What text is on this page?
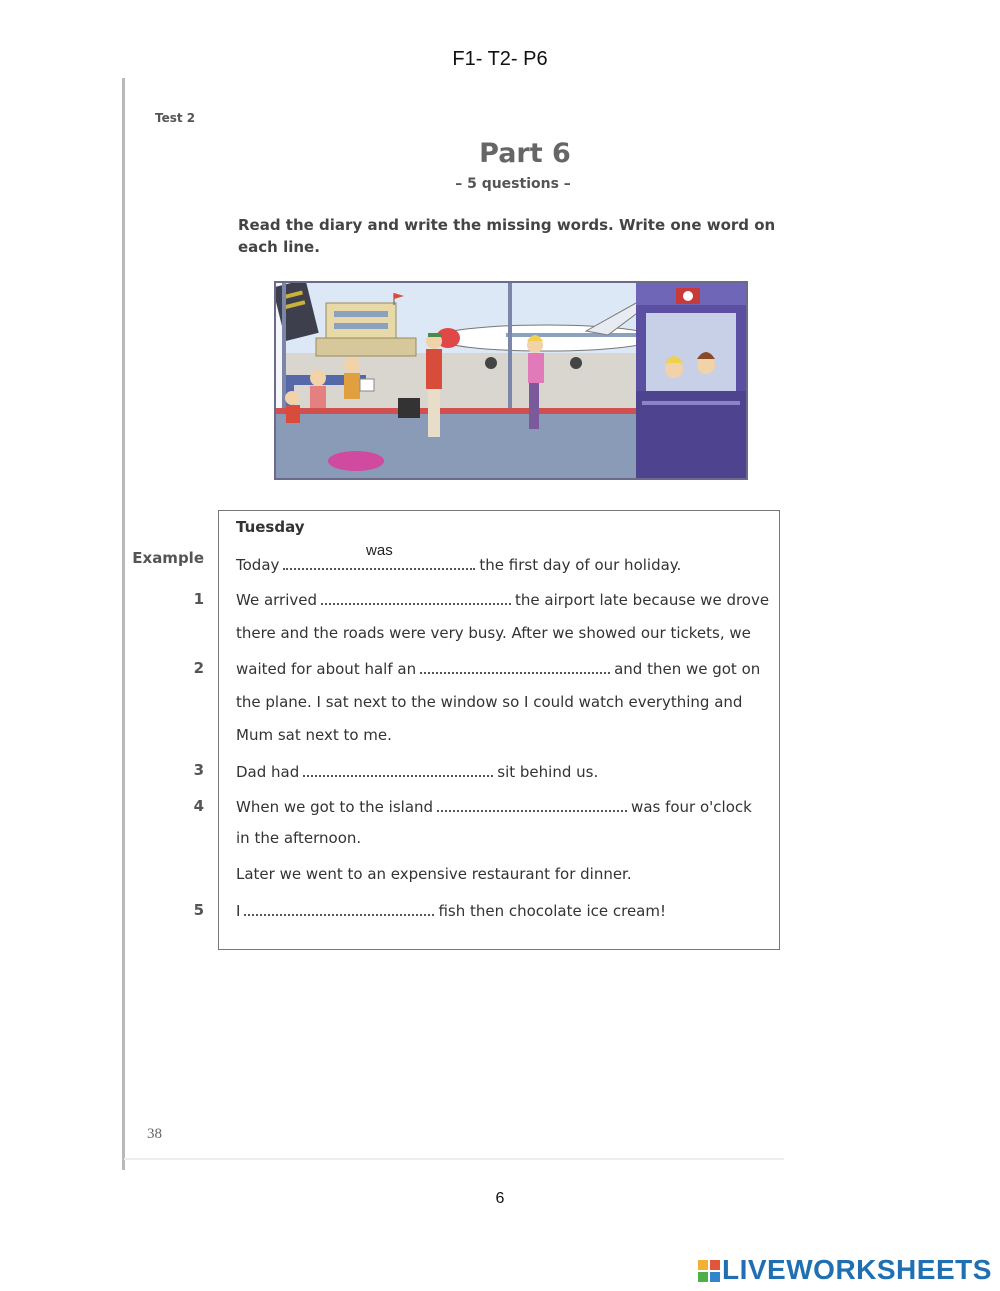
F1- T2- P6
Test 2
Part 6
– 5 questions –
Read the diary and write the missing words. Write one word on each line.
Tuesday
Example Today
was
the first day of our holiday.
1 We arrived	the airport late because we drove
there and the roads were very busy. After we showed our tickets, we
2 waited for about half an	and then we got on
the plane. I sat next to the window so I could watch everything and
Mum sat next to me.
3 Dad had	sit behind us.
4 When we got to the island	was four o'clock
in the afternoon.
Later we went to an expensive restaurant for dinner.
5 I	fish then chocolate ice cream!
38
6
LIVEWORKSHEETS
